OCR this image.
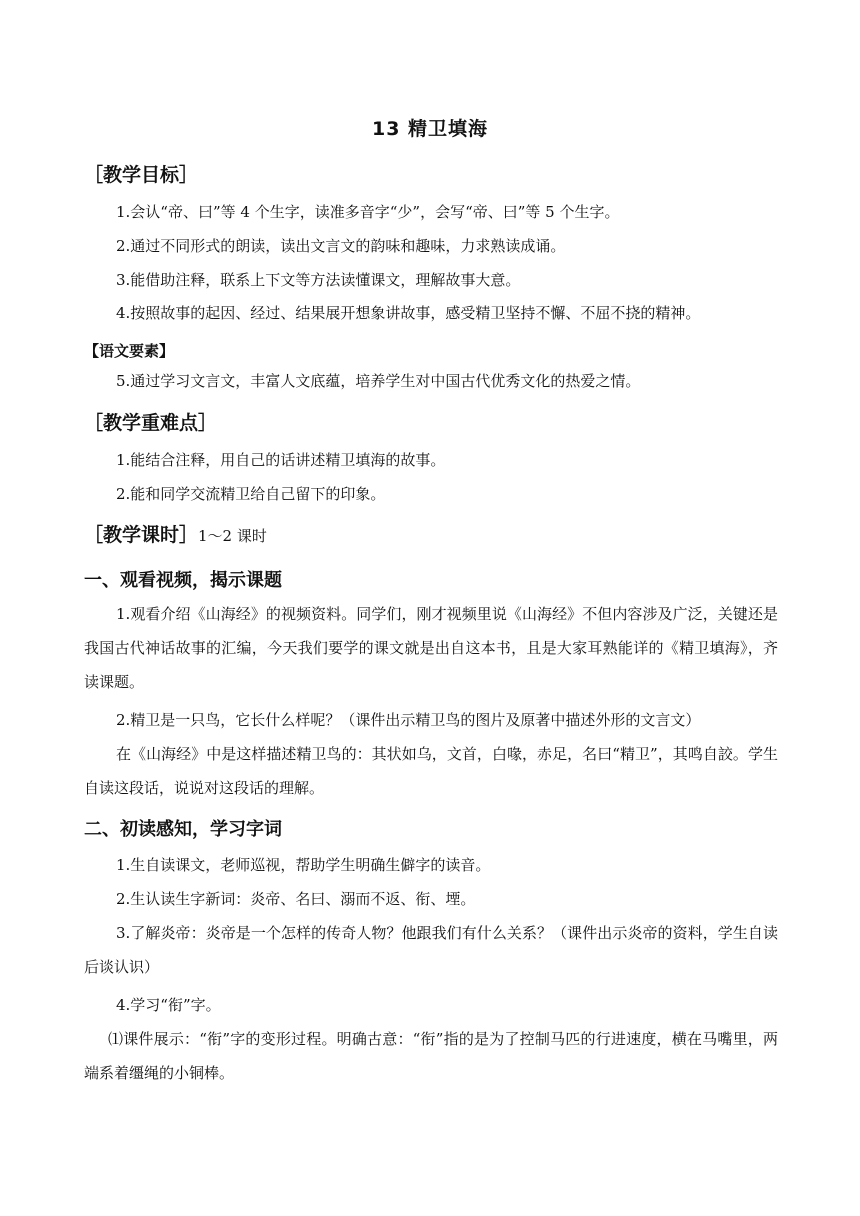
13 精卫填海
［教学目标］
1.会认“帝、曰”等 4 个生字，读准多音字“少”，会写“帝、曰”等 5 个生字。
2.通过不同形式的朗读，读出文言文的韵味和趣味，力求熟读成诵。
3.能借助注释，联系上下文等方法读懂课文，理解故事大意。
4.按照故事的起因、经过、结果展开想象讲故事，感受精卫坚持不懈、不屈不挠的精神。
【语文要素】
5.通过学习文言文，丰富人文底蕴，培养学生对中国古代优秀文化的热爱之情。
［教学重难点］
1.能结合注释，用自己的话讲述精卫填海的故事。
2.能和同学交流精卫给自己留下的印象。
［教学课时］1～2 课时
一、观看视频，揭示课题
1.观看介绍《山海经》的视频资料。同学们，刚才视频里说《山海经》不但内容涉及广泛，关键还是我国古代神话故事的汇编，今天我们要学的课文就是出自这本书，且是大家耳熟能详的《精卫填海》，齐读课题。
2.精卫是一只鸟，它长什么样呢？（课件出示精卫鸟的图片及原著中描述外形的文言文）
在《山海经》中是这样描述精卫鸟的：其状如乌，文首，白喙，赤足，名曰“精卫”，其鸣自詨。学生自读这段话，说说对这段话的理解。
二、初读感知，学习字词
1.生自读课文，老师巡视，帮助学生明确生僻字的读音。
2.生认读生字新词：炎帝、名曰、溺而不返、衔、堙。
3.了解炎帝：炎帝是一个怎样的传奇人物？他跟我们有什么关系？（课件出示炎帝的资料，学生自读后谈认识）
4.学习“衔”字。
⑴课件展示：“衔”字的变形过程。明确古意：“衔”指的是为了控制马匹的行进速度，横在马嘴里，两端系着缰绳的小铜棒。
